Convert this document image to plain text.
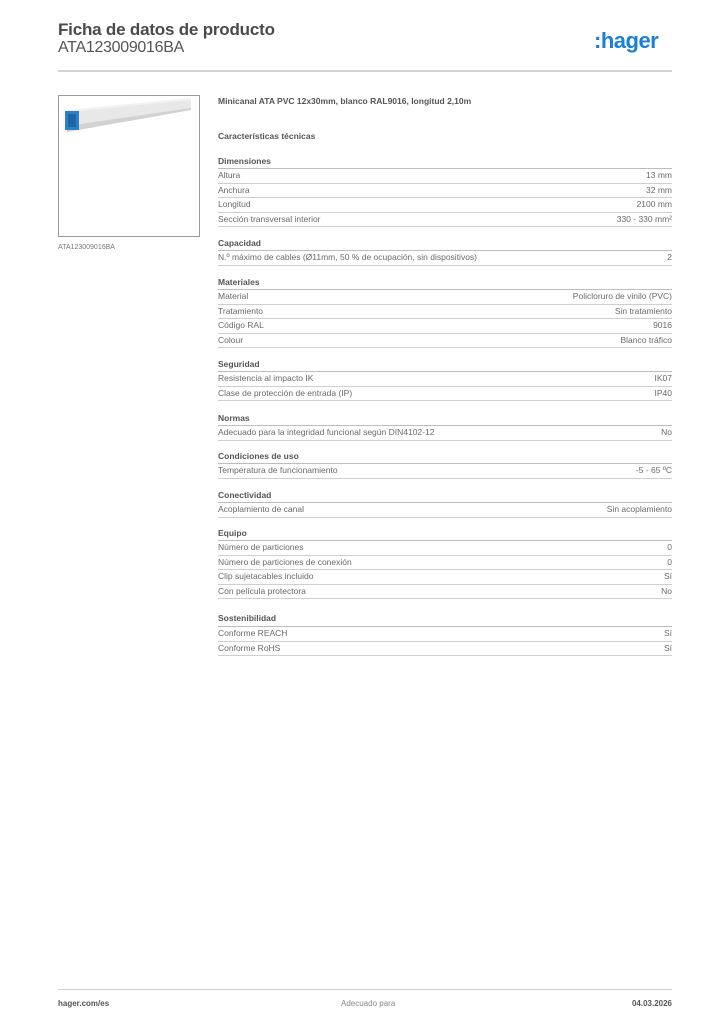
Ficha de datos de producto
ATA123009016BA	:hager
ATA123009016BA
Minicanal ATA PVC 12x30mm, blanco RAL9016, longitud 2,10m
Características técnicas
Dimensiones
Altura	13 mm
Anchura	32 mm
Longitud	2100 mm
Sección transversal interior	330 - 330 mm²
Capacidad
N.º máximo de cables (Ø11mm, 50 % de ocupación, sin dispositivos)	2
Materiales
Material	Policloruro de vinilo (PVC)
Tratamiento	Sin tratamiento
Código RAL	9016
Colour	Blanco tráfico
Seguridad
Resistencia al impacto IK	IK07
Clase de protección de entrada (IP)	IP40
Normas
Adecuado para la integridad funcional según DIN4102-12	No
Condiciones de uso
Temperatura de funcionamiento	-5 - 65 ºC
Conectividad
Acoplamiento de canal	Sin acoplamiento
Equipo
Número de particiones	0
Número de particiones de conexión	0
Clip sujetacables incluido	Sí
Con película protectora	No
Sostenibilidad
Conforme REACH	Sí
Conforme RoHS	Sí
hager.com/es	Adecuado para	04.03.2026
